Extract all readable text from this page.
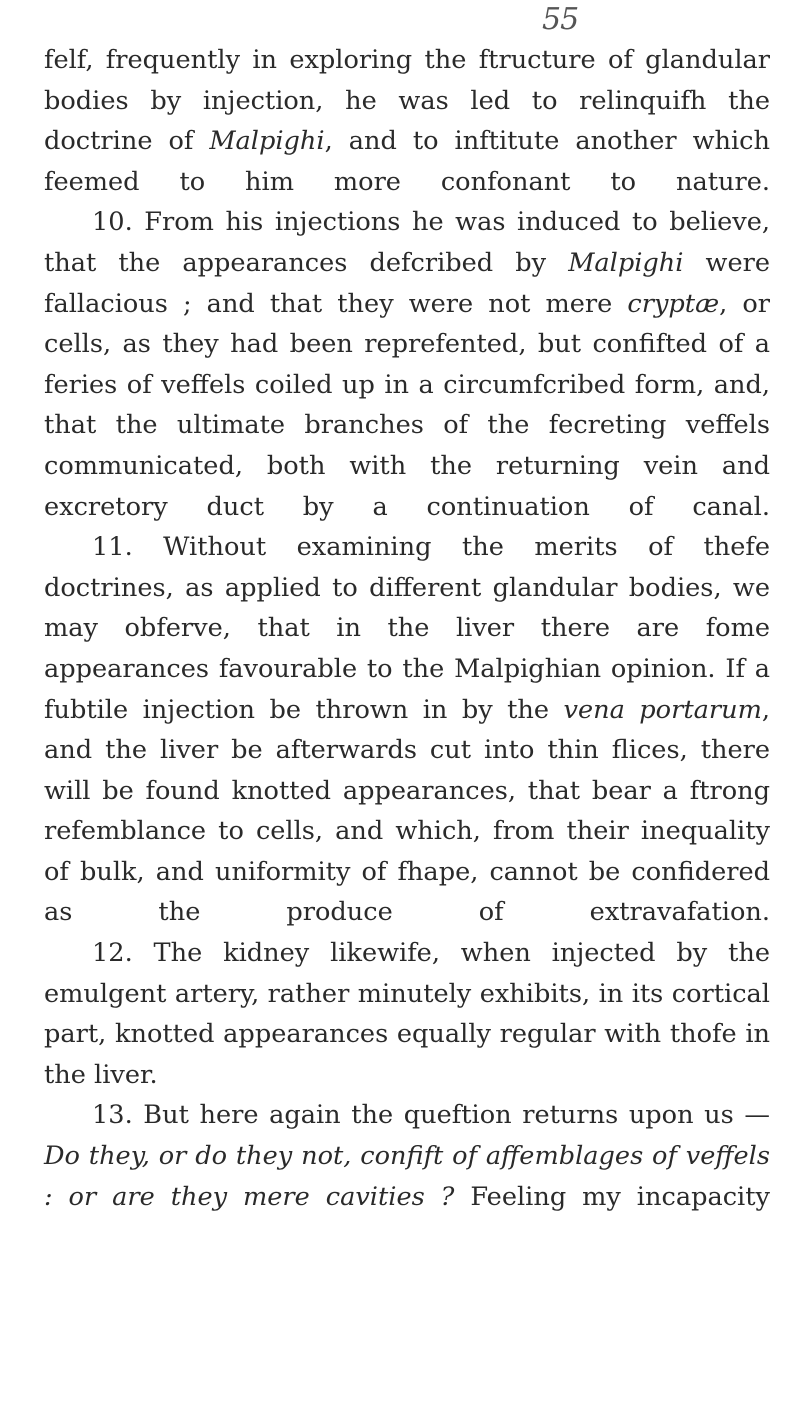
55

felf, frequently in exploring the ftructure of glandular bodies by injection, he was led to relinquifh the doctrine of Malpighi, and to inftitute another which feemed to him more confonant to nature.

10. From his injections he was induced to believe, that the appearances defcribed by Malpighi were fallacious ; and that they were not mere cryptæ, or cells, as they had been reprefented, but confifted of a feries of veffels coiled up in a circumfcribed form, and, that the ultimate branches of the fecreting veffels communicated, both with the returning vein and excretory duct by a continuation of canal.

11. Without examining the merits of thefe doctrines, as applied to different glandular bodies, we may obferve, that in the liver there are fome appearances favourable to the Malpighian opinion. If a fubtile injection be thrown in by the vena portarum, and the liver be afterwards cut into thin flices, there will be found knotted appearances, that bear a ftrong refemblance to cells, and which, from their inequality of bulk, and uniformity of fhape, cannot be confidered as the produce of extravafation.

12. The kidney likewife, when injected by the emulgent artery, rather minutely exhibits, in its cortical part, knotted appearances equally regular with thofe in the liver.

13. But here again the queftion returns upon us —Do they, or do they not, confift of affemblages of veffels : or are they mere cavities ? Feeling my incapacity
